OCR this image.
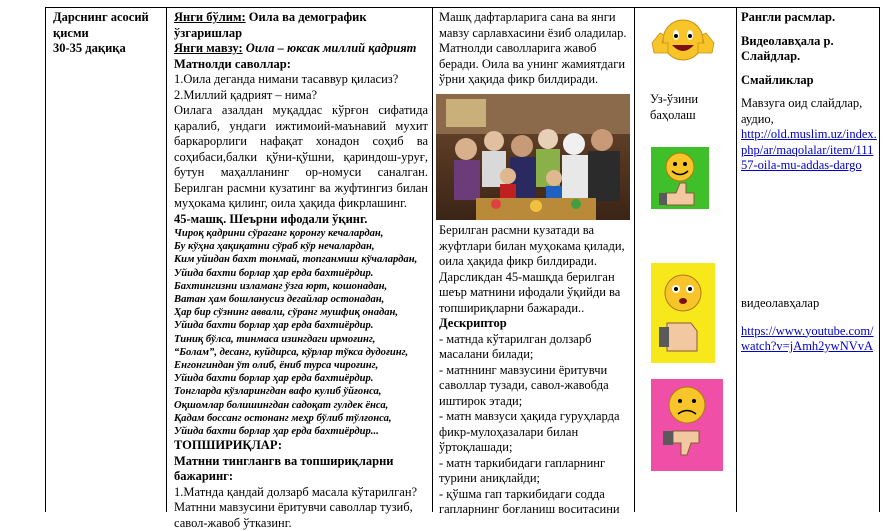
Дарснинг асосий қисми

30-35 дақиқа

Янги бўлим: Оила ва демографик ўзгаришлар

Янги мавзу: Оила – юксак миллий қадрият

Матнолди саволлар:

1.Оила деганда нимани тасаввур қиласиз?

2.Миллий қадрият – нима?

Оилага азалдан муқаддас кўрғон сифатида қаралиб, ундаги ижтимоий-маънавий мухит баркарорлиги нафақат хонадон соҳиб ва соҳибаси,балки қўни-қўшни, қариндош-уруғ, бутун маҳалланинг ор-номуси саналган. Берилган расмни кузатинг ва жуфтингиз билан муҳокама қилинг, оила ҳақида фикрлашинг.

45-машқ. Шеърни ифодали ўқинг.

Чироқ қадрини сўраганг қоронғу кечалардан,

Бу кўҳна ҳақиқатни сўраб кўр нечалардан,

Ким уйидан бахт тонмай, топганмиш кўчалардан,

Уйида бахти борлар ҳар ерда бахтиёрдир.

Бахтингизни изламанг ўзга юрт, кошонадан,

Ватан ҳам бошланусиз дегайлар остонадан,

Ҳар бир сўзнинг аввали, сўранг мушфиқ онадан,

Уйида бахти борлар ҳар ерда бахтиёрдир.

Тиниқ бўлса, тинмаса изингдаги ирмоғинг,

“Болам”, десанг, куйдирса, кўрлар тўкса дудоғинг,

Енгонгиндан ўт олиб, ёниб турса чироғинг,

Уйида бахти борлар ҳар ерда бахтиёрдир.

Тонгларда кўзларингдан вафо кулиб ўйғонса,

Оқшомлар болишингдан садоқат гулдек ёнса,

Қадам боссанг остонанг меҳр бўлиб тўлғонса,

Уйида бахти борлар ҳар ерда бахтиёрдир...

ТОПШИРИҚЛАР:

Матнни тинглангв ва топшириқларни бажаринг:

1.Матнда қандай долзарб масала кўтарилган?

Матнни мавзусини ёритувчи саволлар тузиб, савол-жавоб ўтказинг.

Машқ дафтарларига сана ва янги мавзу сарлавхасини ёзиб оладилар. Матнолди саволларига жавоб беради. Оила ва унинг жамиятдаги ўрни ҳақида фикр билдиради.

Берилган расмни кузатади ва жуфтлари билан муҳокама қилади, оила ҳақида фикр билдиради. Дарсликдан 45-машқда берилган шеър матнини ифодали ўқийди ва топшириқларни бажаради..

Дескриптор

- матнда кўтарилган долзарб масалани билади;

- матннинг мавзусини ёритувчи саволлар тузади, савол-жавобда иштирок этади;

- матн мавзуси ҳақида гуруҳларда фикр-мулоҳазалари билан ўртоқлашади;

- матн таркибидаги гапларнинг турини аниқлайди;

- қўшма гап таркибидаги содда гапларнинг боғланиш воситасини

Уз-ўзини баҳолаш

Рангли расмлар.

Видеолавҳала р.

Слайдлар.

Смайликлар

Мавзуга оид слайдлар, аудио,

http://old.muslim.uz/index.php/ar/maqolalar/item/11157-oila-mu-addas-dargo

видеолавҳалар

https://www.youtube.com/watch?v=jAmh2ywNVvA
